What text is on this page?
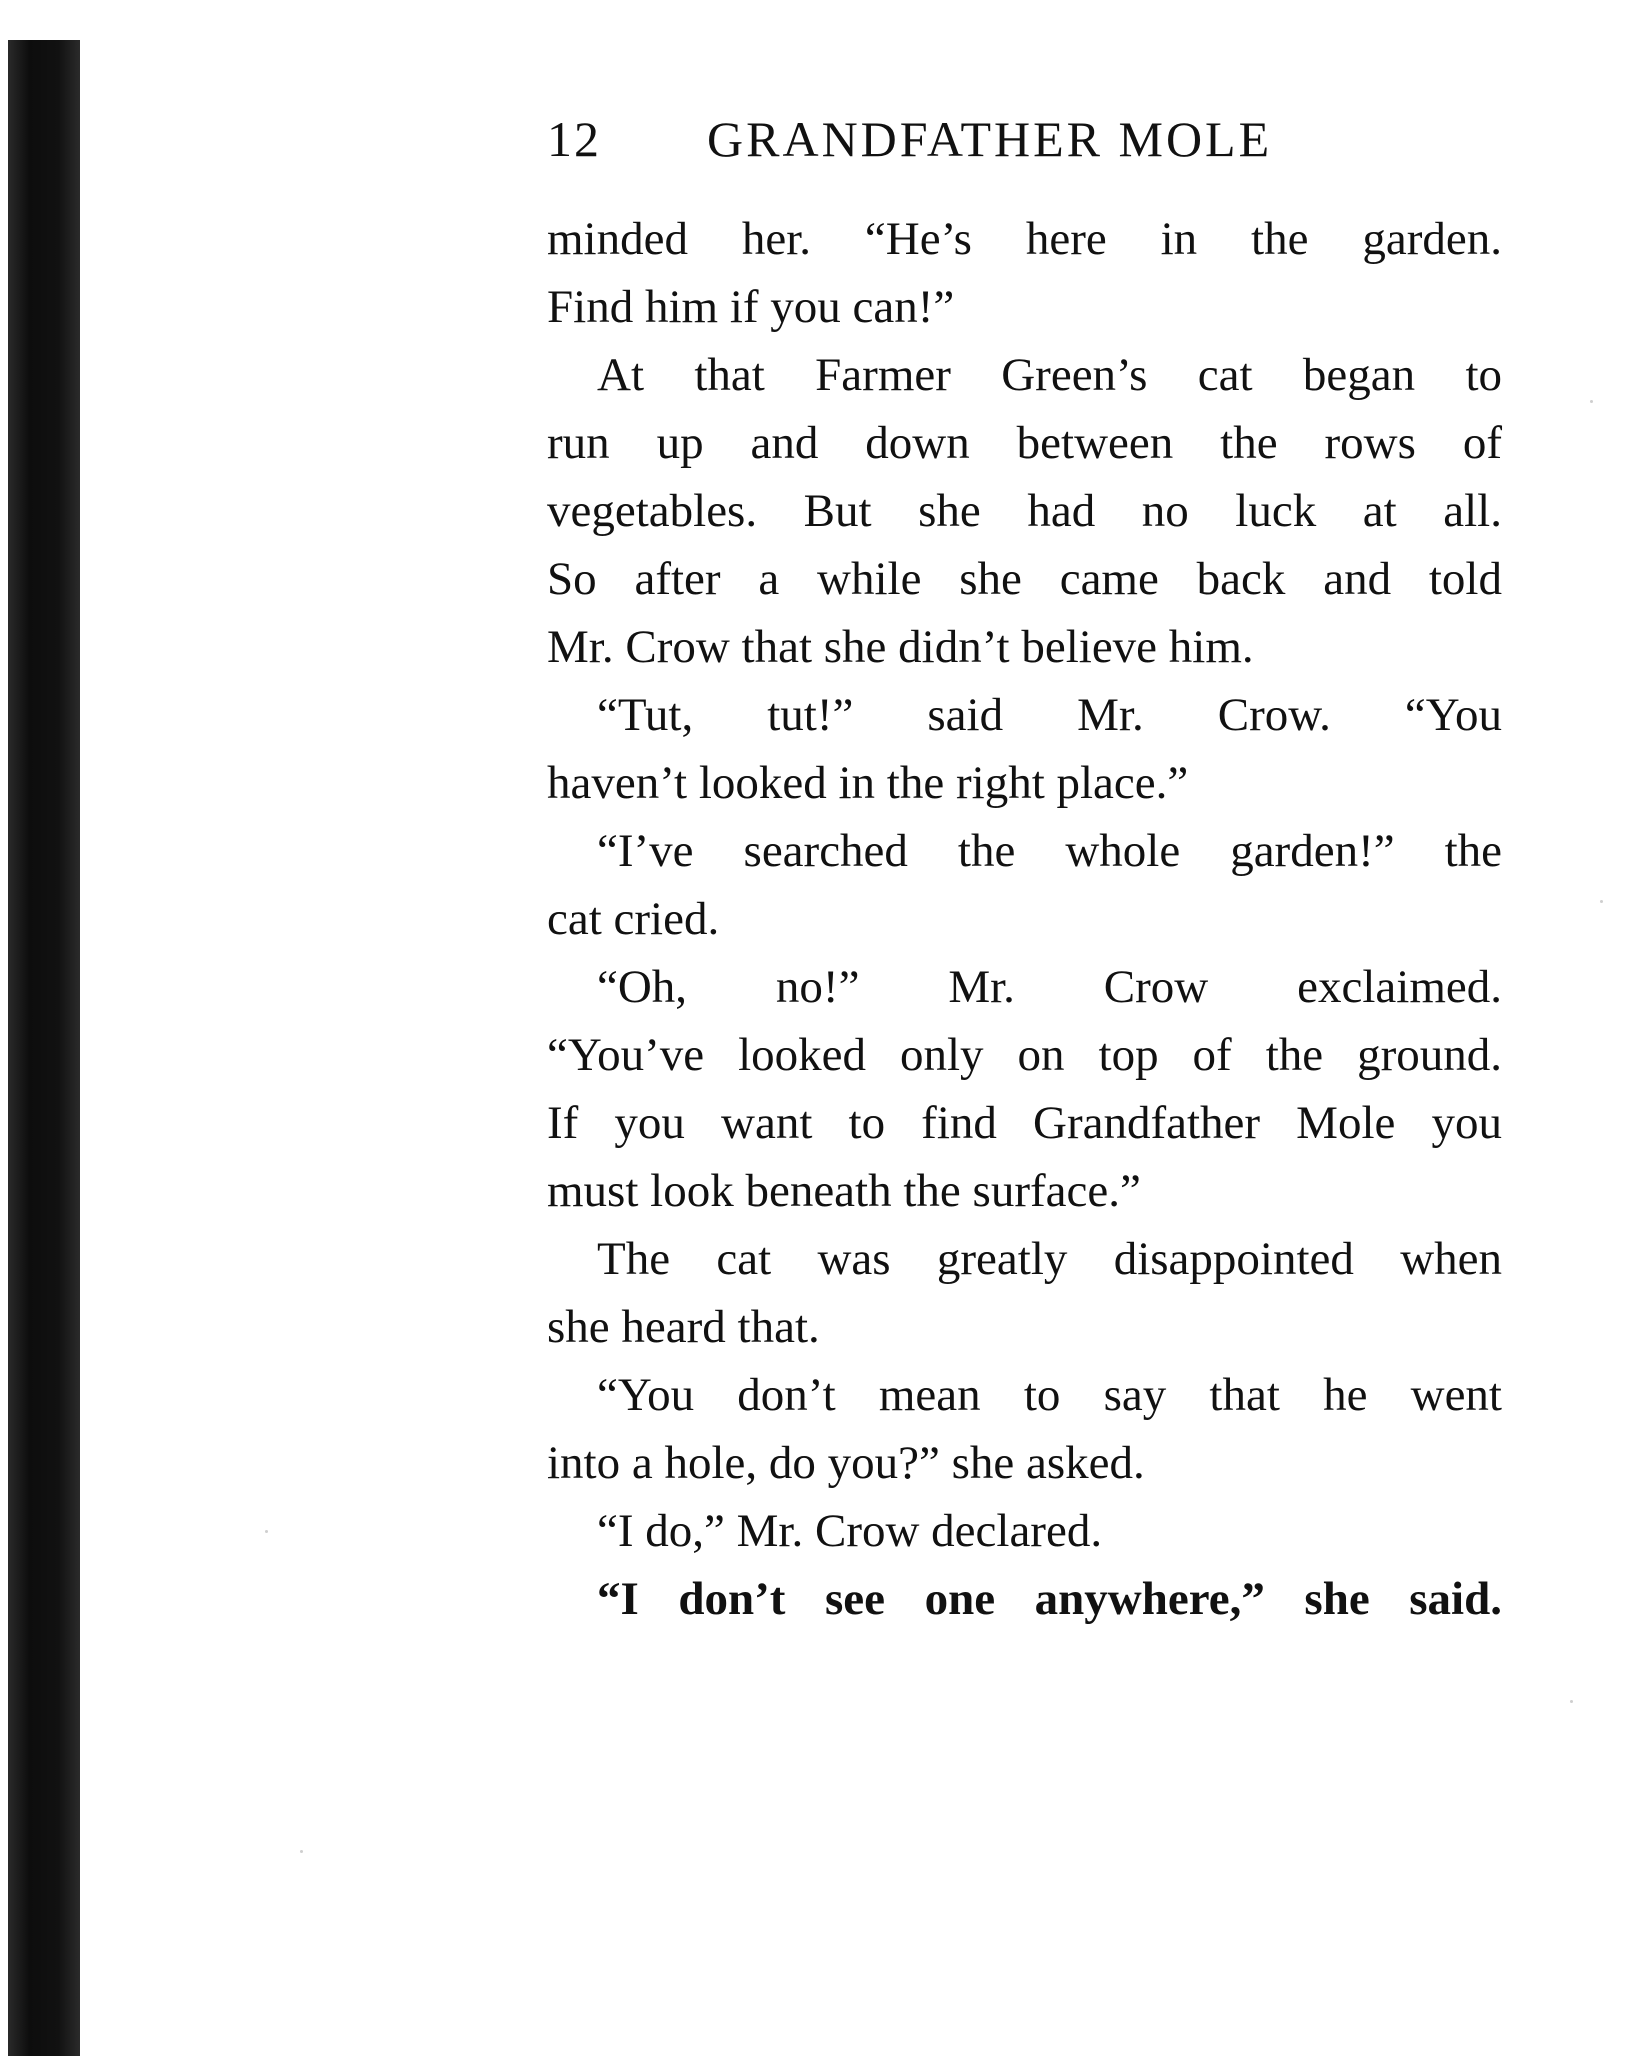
12 GRANDFATHER MOLE
minded her. “He’s here in the garden.
Find him if you can!”
At that Farmer Green’s cat began to
run up and down between the rows of
vegetables. But she had no luck at all.
So after a while she came back and told
Mr. Crow that she didn’t believe him.
“Tut, tut!” said Mr. Crow. “You
haven’t looked in the right place.”
“I’ve searched the whole garden!” the
cat cried.
“Oh, no!” Mr. Crow exclaimed.
“You’ve looked only on top of the ground.
If you want to find Grandfather Mole you
must look beneath the surface.”
The cat was greatly disappointed when
she heard that.
“You don’t mean to say that he went
into a hole, do you?” she asked.
“I do,” Mr. Crow declared.
“I don’t see one anywhere,” she said.
